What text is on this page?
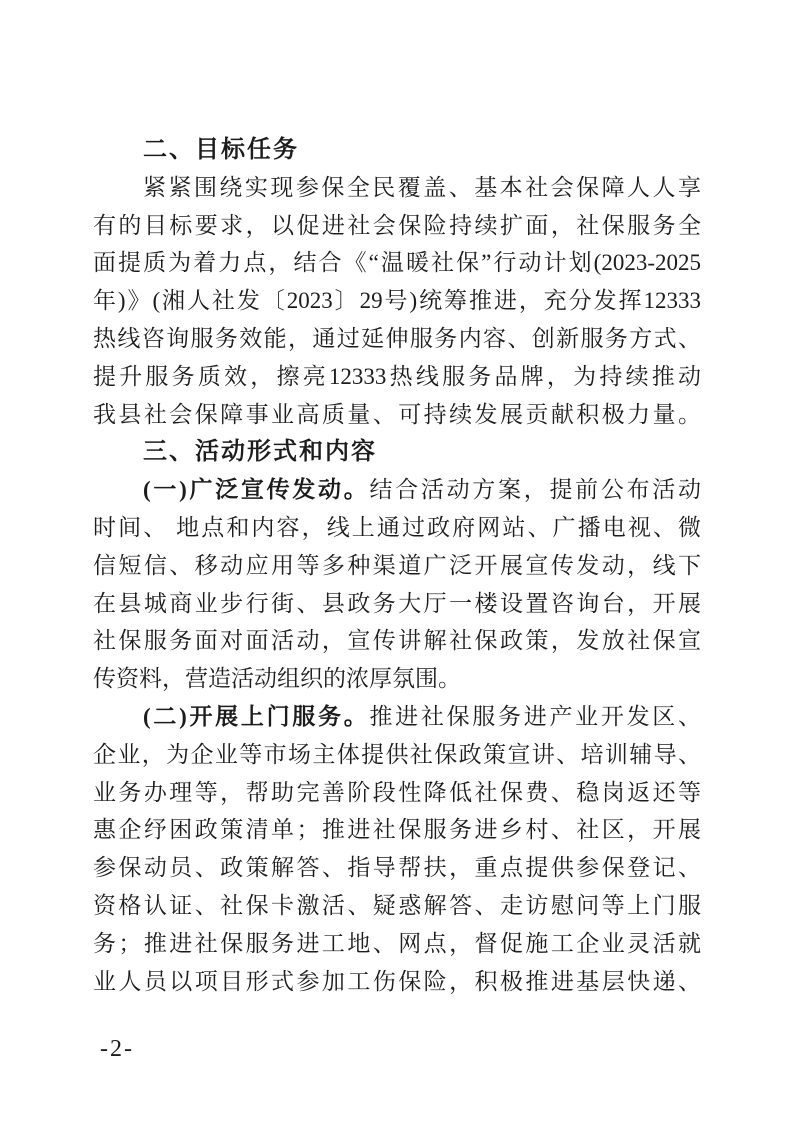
二、目标任务
紧紧围绕实现参保全民覆盖、基本社会保障人人享
有的目标要求，以促进社会保险持续扩面，社保服务全
面提质为着力点，结合《“温暖社保”行动计划(2023-2025
年)》(湘人社发〔2023〕29号)统筹推进，充分发挥12333
热线咨询服务效能，通过延伸服务内容、创新服务方式、
提升服务质效，擦亮12333热线服务品牌，为持续推动
我县社会保障事业高质量、可持续发展贡献积极力量。
三、活动形式和内容
(一)广泛宣传发动。结合活动方案，提前公布活动
时间、 地点和内容，线上通过政府网站、广播电视、微
信短信、移动应用等多种渠道广泛开展宣传发动，线下
在县城商业步行街、县政务大厅一楼设置咨询台，开展
社保服务面对面活动，宣传讲解社保政策，发放社保宣
传资料，营造活动组织的浓厚氛围。
(二)开展上门服务。推进社保服务进产业开发区、
企业，为企业等市场主体提供社保政策宣讲、培训辅导、
业务办理等，帮助完善阶段性降低社保费、稳岗返还等
惠企纾困政策清单；推进社保服务进乡村、社区，开展
参保动员、政策解答、指导帮扶，重点提供参保登记、
资格认证、社保卡激活、疑惑解答、走访慰问等上门服
务；推进社保服务进工地、网点，督促施工企业灵活就
业人员以项目形式参加工伤保险，积极推进基层快递、
-2-
